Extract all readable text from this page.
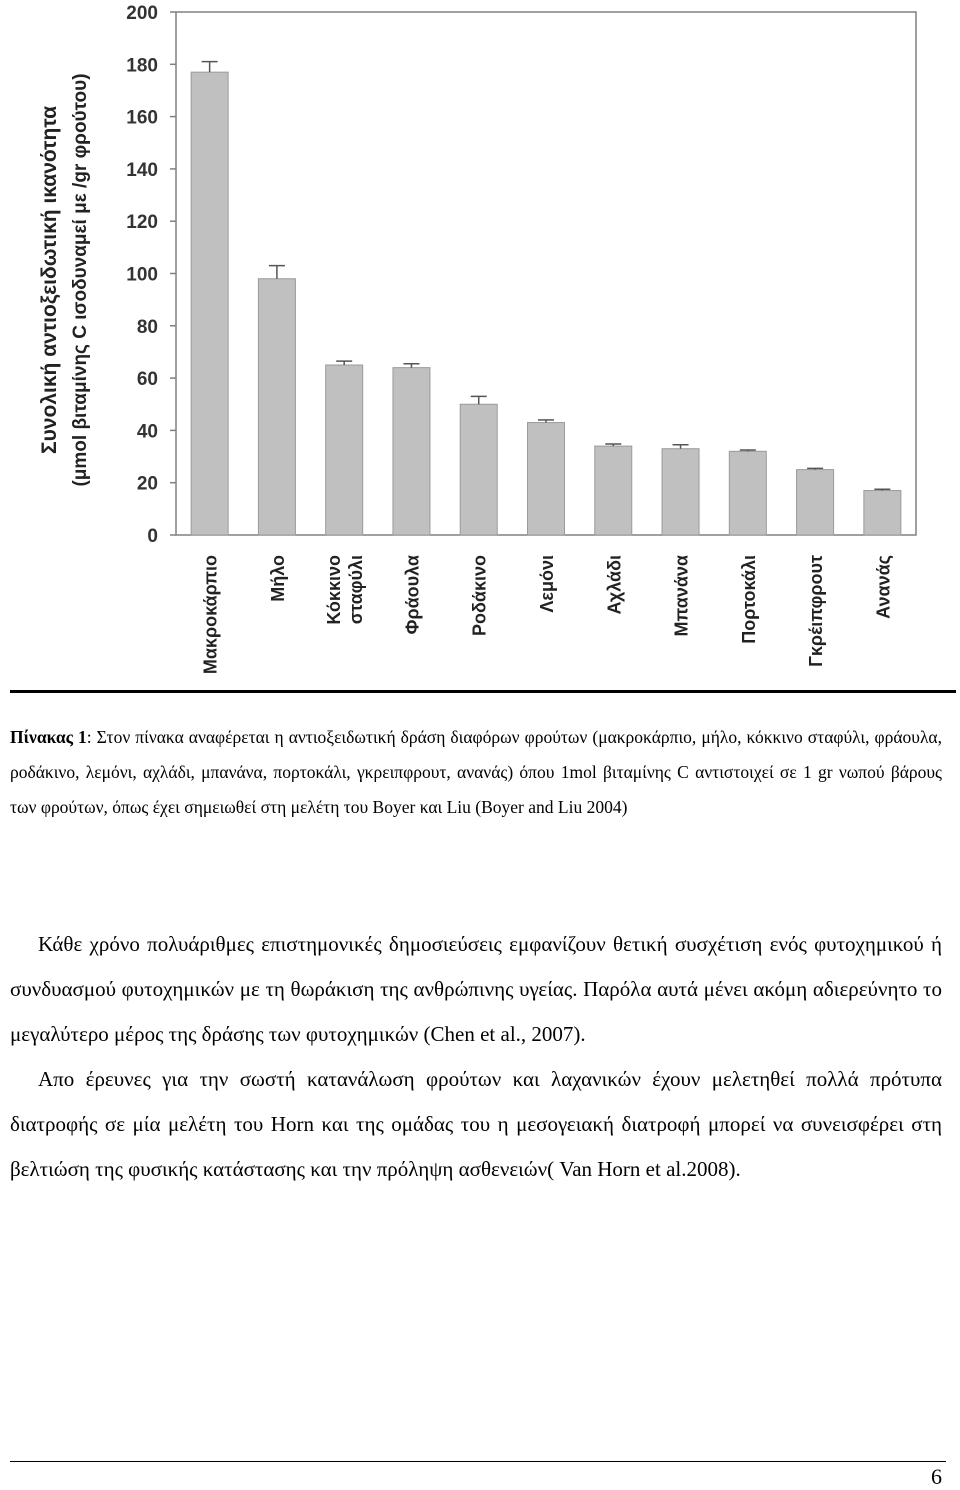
Συνολική αντιοξειδωτική ικανότητα (μmol βιταμίνης C ισοδυναμεί με /gr φρούτου)
0
20
40
60
80
100
120
140
160
180
200
Μακροκάρπιο	Μήλο Κόκκινο σταφύλι Φράουλα	Ροδάκινο	Λεμόνι	Αχλάδι	Μπανάνα	Πορτοκάλι	Γκρέιπφρουτ	Ανανάς
Πίνακας 1: Στον πίνακα αναφέρεται η αντιοξειδωτική δράση διαφόρων φρούτων (μακροκάρπιο, μήλο, κόκκινο σταφύλι, φράουλα, ροδάκινο, λεμόνι, αχλάδι, μπανάνα, πορτοκάλι, γκρειπφρουτ, ανανάς) όπου 1mol βιταμίνης C αντιστοιχεί σε 1 gr νωπού βάρους των φρούτων, όπως έχει σημειωθεί στη μελέτη του Boyer και Liu (Boyer and Liu 2004)

Κάθε χρόνο πολυάριθμες επιστημονικές δημοσιεύσεις εμφανίζουν θετική συσχέτιση ενός φυτοχημικού ή συνδυασμού φυτοχημικών με τη θωράκιση της ανθρώπινης υγείας. Παρόλα αυτά μένει ακόμη αδιερεύνητο το μεγαλύτερο μέρος της δράσης των φυτοχημικών (Chen et al., 2007).

Απο έρευνες για την σωστή κατανάλωση φρούτων και λαχανικών έχουν μελετηθεί πολλά πρότυπα διατροφής σε μία μελέτη του Horn και της ομάδας του η μεσογειακή διατροφή μπορεί να συνεισφέρει στη βελτιώση της φυσικής κατάστασης και την πρόληψη ασθενειών( Van Horn et al.2008).

6
